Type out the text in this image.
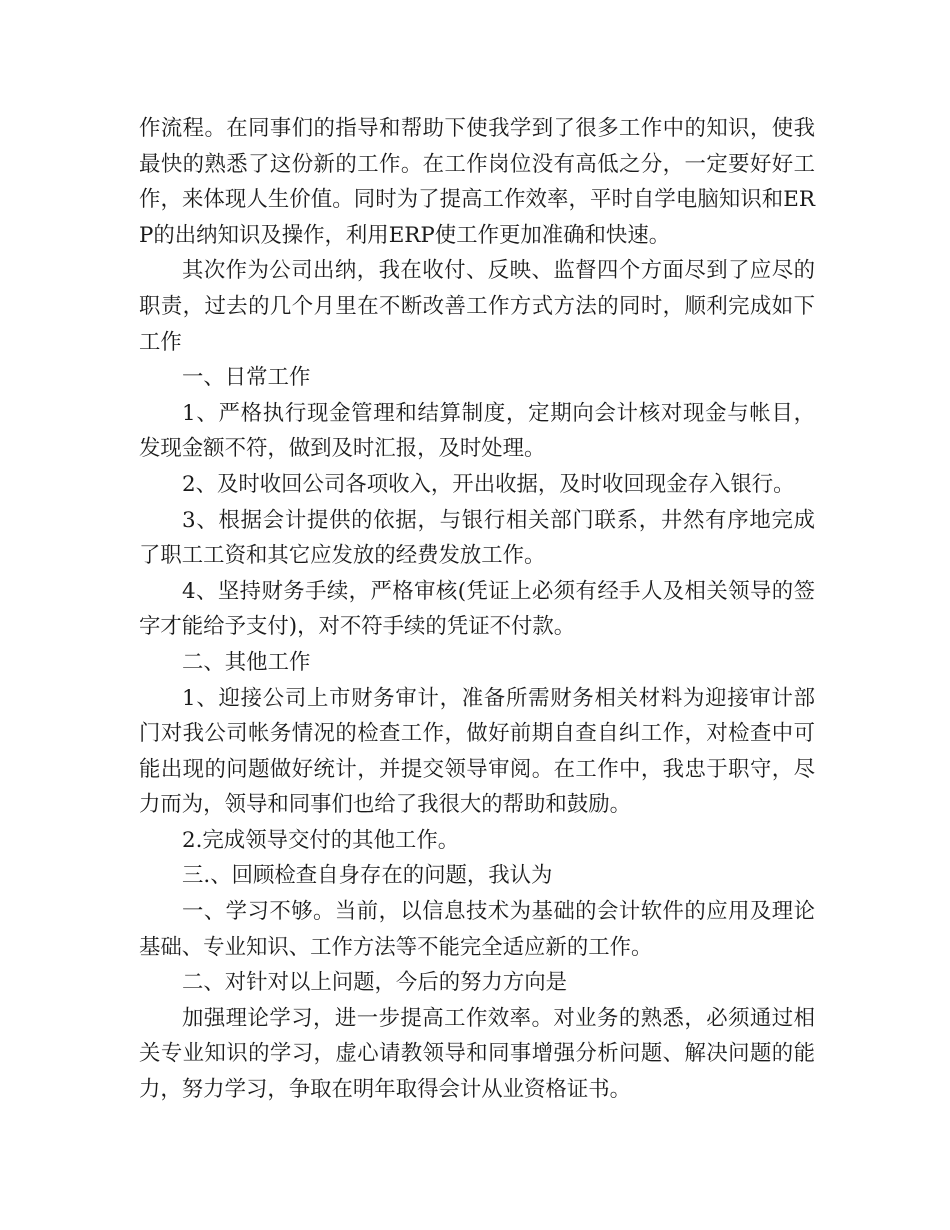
作流程。在同事们的指导和帮助下使我学到了很多工作中的知识，使我最快的熟悉了这份新的工作。在工作岗位没有高低之分，一定要好好工作，来体现人生价值。同时为了提高工作效率，平时自学电脑知识和ERP的出纳知识及操作，利用ERP使工作更加准确和快速。

其次作为公司出纳，我在收付、反映、监督四个方面尽到了应尽的职责，过去的几个月里在不断改善工作方式方法的同时，顺利完成如下工作

一、日常工作

1、严格执行现金管理和结算制度，定期向会计核对现金与帐目，发现金额不符，做到及时汇报，及时处理。

2、及时收回公司各项收入，开出收据，及时收回现金存入银行。

3、根据会计提供的依据，与银行相关部门联系，井然有序地完成了职工工资和其它应发放的经费发放工作。

4、坚持财务手续，严格审核(凭证上必须有经手人及相关领导的签字才能给予支付)，对不符手续的凭证不付款。

二、其他工作

1、迎接公司上市财务审计，准备所需财务相关材料为迎接审计部门对我公司帐务情况的检查工作，做好前期自查自纠工作，对检查中可能出现的问题做好统计，并提交领导审阅。在工作中，我忠于职守，尽力而为，领导和同事们也给了我很大的帮助和鼓励。

2.完成领导交付的其他工作。

三.、回顾检查自身存在的问题，我认为

一、学习不够。当前，以信息技术为基础的会计软件的应用及理论基础、专业知识、工作方法等不能完全适应新的工作。

二、对针对以上问题，今后的努力方向是

加强理论学习，进一步提高工作效率。对业务的熟悉，必须通过相关专业知识的学习，虚心请教领导和同事增强分析问题、解决问题的能力，努力学习，争取在明年取得会计从业资格证书。
